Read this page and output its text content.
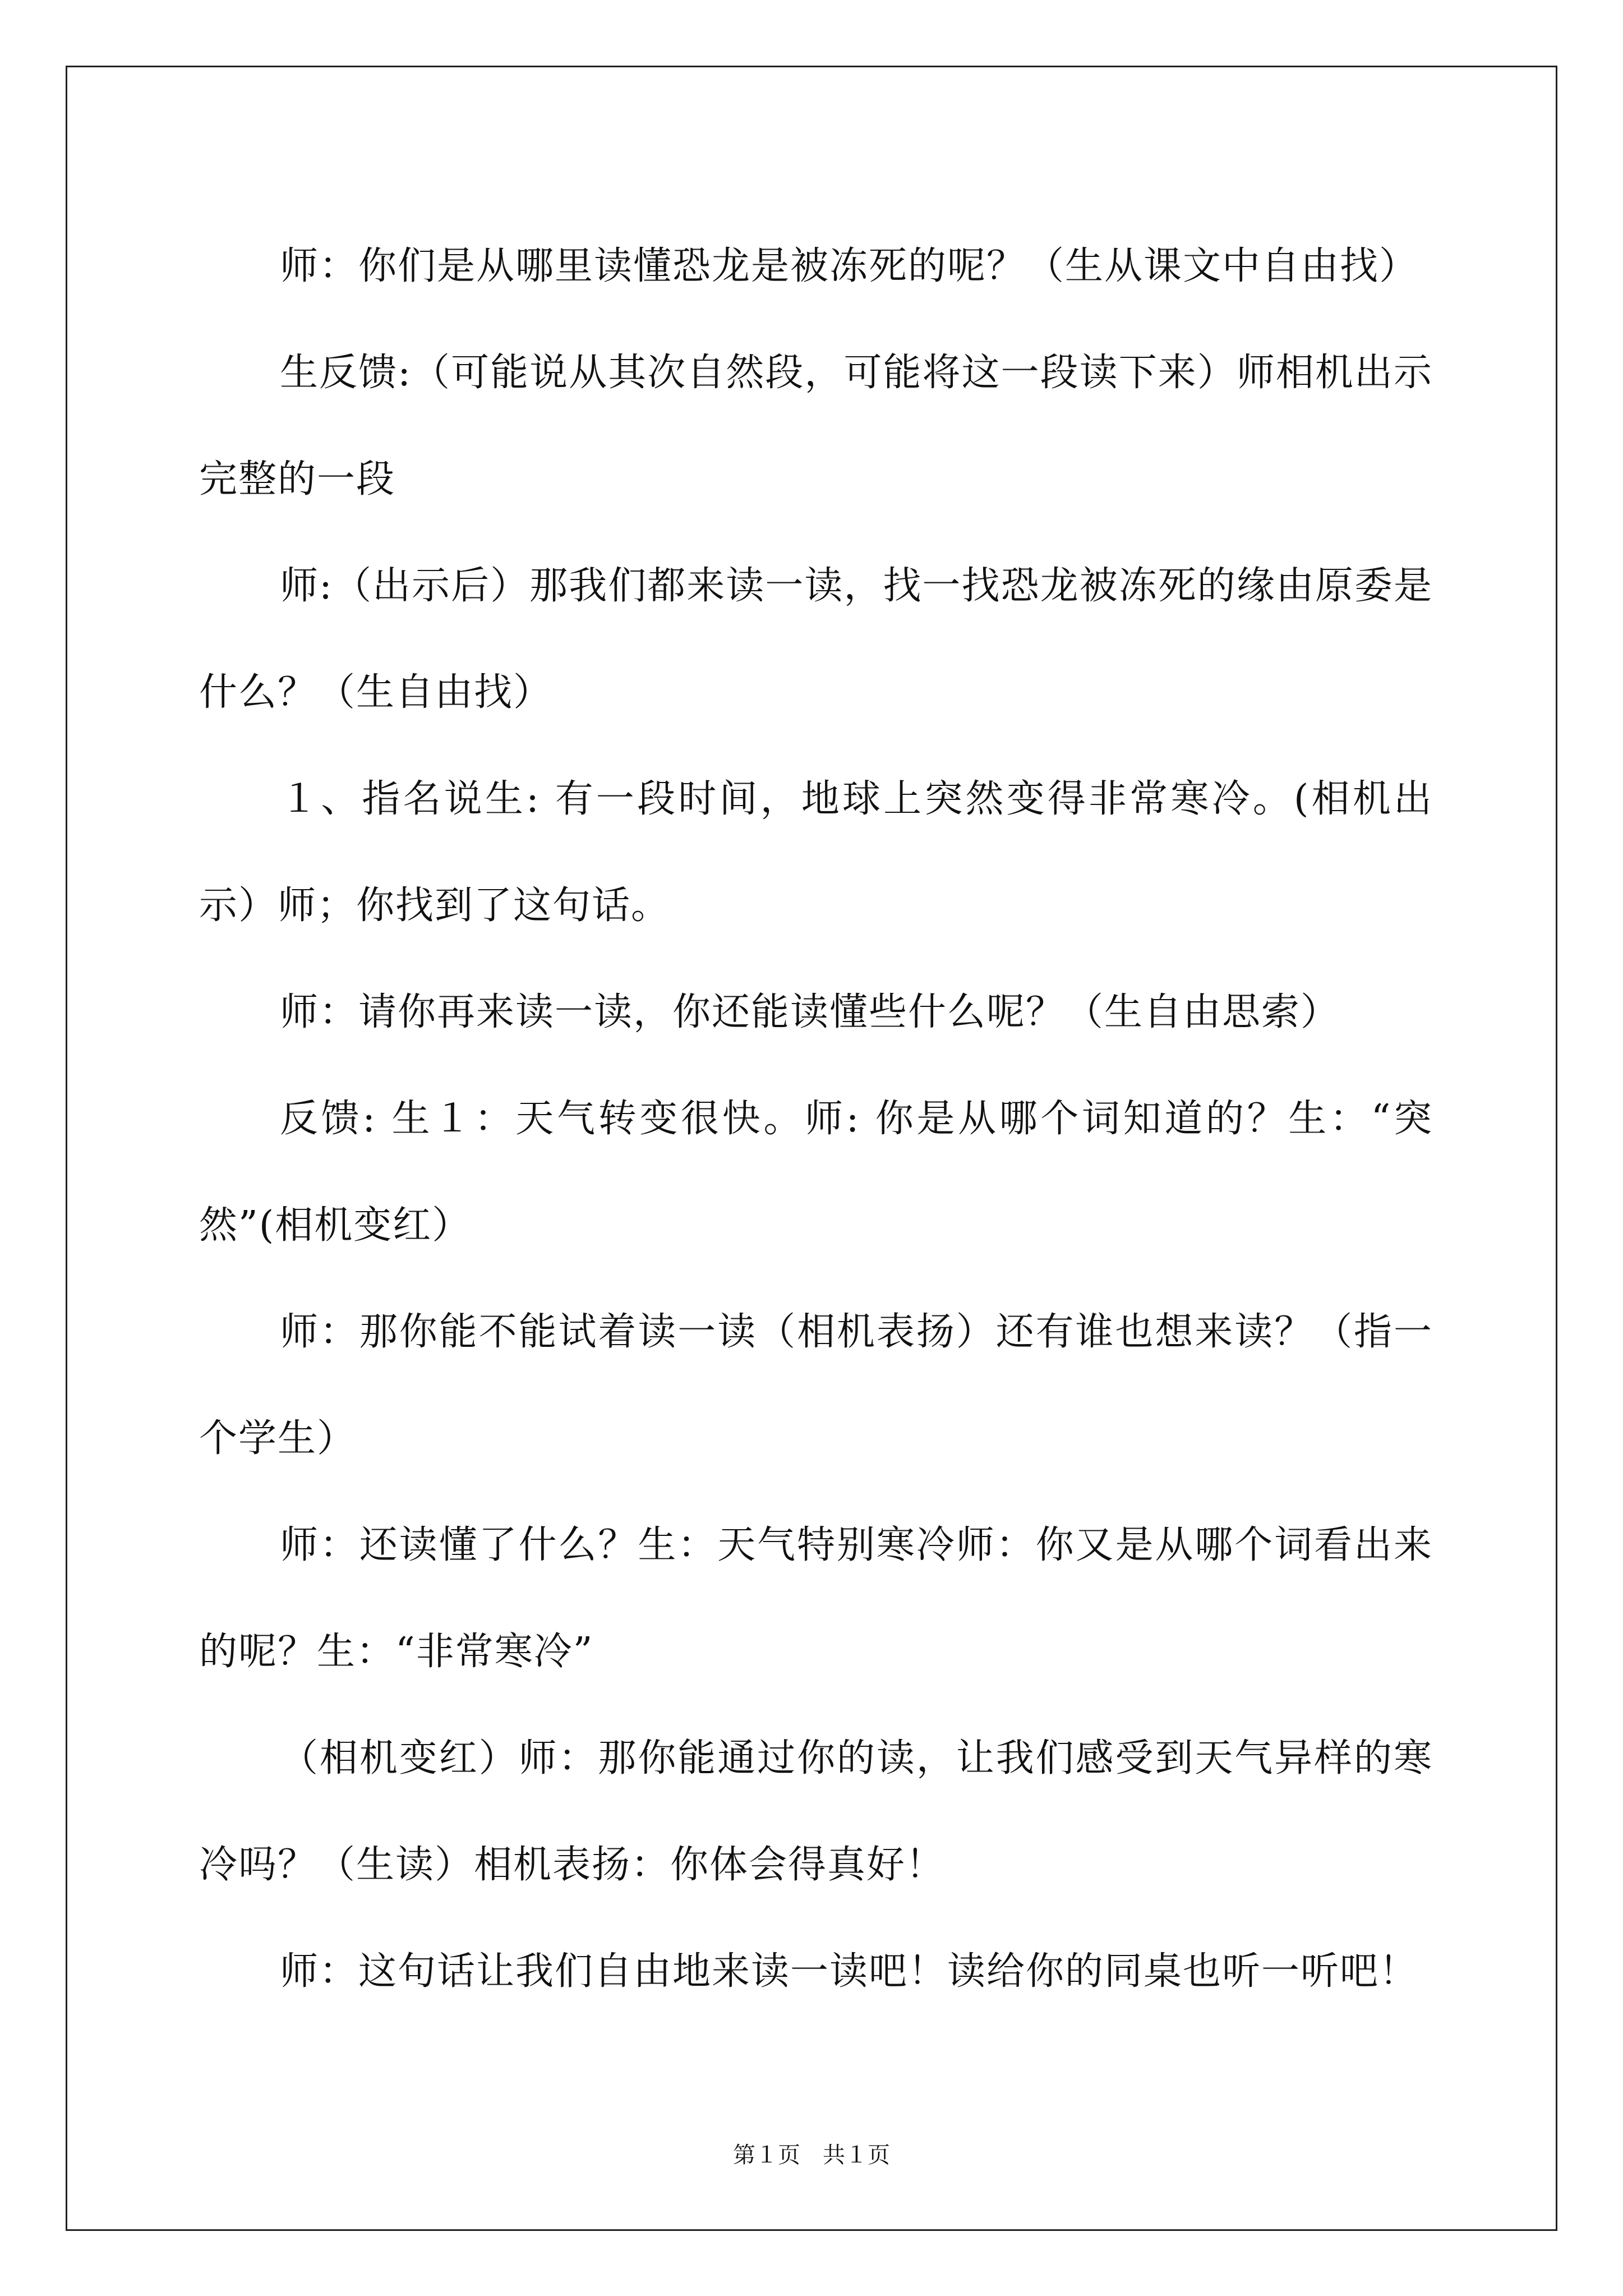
师：你们是从哪里读懂恐龙是被冻死的呢？（生从课文中自由找）

生反馈:（可能说从其次自然段，可能将这一段读下来）师相机出示完整的一段

师:（出示后）那我们都来读一读，找一找恐龙被冻死的缘由原委是什么？（生自由找）

１、指名说生: 有一段时间，地球上突然变得非常寒冷。(相机出示）师；你找到了这句话。

师：请你再来读一读，你还能读懂些什么呢？（生自由思索）

反馈: 生１：天气转变很快。师: 你是从哪个词知道的？生：“突然”(相机变红）

师：那你能不能试着读一读（相机表扬）还有谁也想来读？（指一个学生）

师：还读懂了什么？生：天气特别寒冷师：你又是从哪个词看出来的呢？生：“非常寒冷”

（相机变红）师：那你能通过你的读，让我们感受到天气异样的寒冷吗？（生读）相机表扬：你体会得真好！

师：这句话让我们自由地来读一读吧！读给你的同桌也听一听吧！

第１页　共１页
